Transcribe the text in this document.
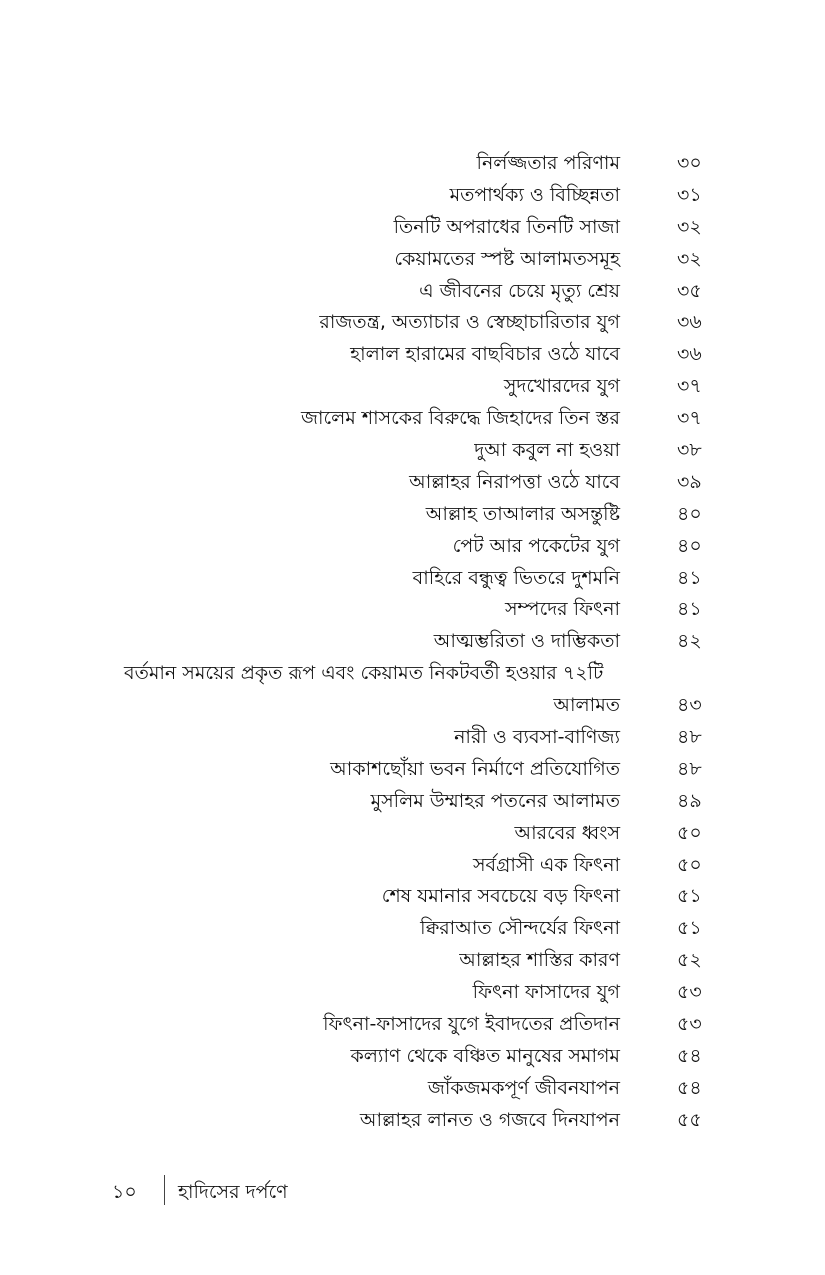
নির্লজ্জতার পরিণাম	৩০
মতপার্থক্য ও বিচ্ছিন্নতা	৩১
তিনটি অপরাধের তিনটি সাজা	৩২
কেয়ামতের স্পষ্ট আলামতসমূহ	৩২
এ জীবনের চেয়ে মৃত্যু শ্রেয়	৩৫
রাজতন্ত্র, অত্যাচার ও স্বেচ্ছাচারিতার যুগ	৩৬
হালাল হারামের বাছবিচার ওঠে যাবে	৩৬
সুদখোরদের যুগ	৩৭
জালেম শাসকের বিরুদ্ধে জিহাদের তিন স্তর	৩৭
দুআ কবুল না হওয়া	৩৮
আল্লাহর নিরাপত্তা ওঠে যাবে	৩৯
আল্লাহ তাআলার অসন্তুষ্টি	৪০
পেট আর পকেটের যুগ	৪০
বাহিরে বন্ধুত্ব ভিতরে দুশমনি	৪১
সম্পদের ফিৎনা	৪১
আত্মম্ভরিতা ও দাম্ভিকতা	৪২
বর্তমান সময়ের প্রকৃত রূপ এবং কেয়ামত নিকটবর্তী হওয়ার ৭২টি
আলামত	৪৩
নারী ও ব্যবসা-বাণিজ্য	৪৮
আকাশছোঁয়া ভবন নির্মাণে প্রতিযোগিত	৪৮
মুসলিম উম্মাহর পতনের আলামত	৪৯
আরবের ধ্বংস	৫০
সর্বগ্রাসী এক ফিৎনা	৫০
শেষ যমানার সবচেয়ে বড় ফিৎনা	৫১
ক্বিরাআত সৌন্দর্যের ফিৎনা	৫১
আল্লাহর শাস্তির কারণ	৫২
ফিৎনা ফাসাদের যুগ	৫৩
ফিৎনা-ফাসাদের যুগে ইবাদতের প্রতিদান	৫৩
কল্যাণ থেকে বঞ্চিত মানুষের সমাগম	৫৪
জাঁকজমকপূর্ণ জীবনযাপন	৫৪
আল্লাহর লানত ও গজবে দিনযাপন	৫৫
১০ হাদিসের দর্পণে
